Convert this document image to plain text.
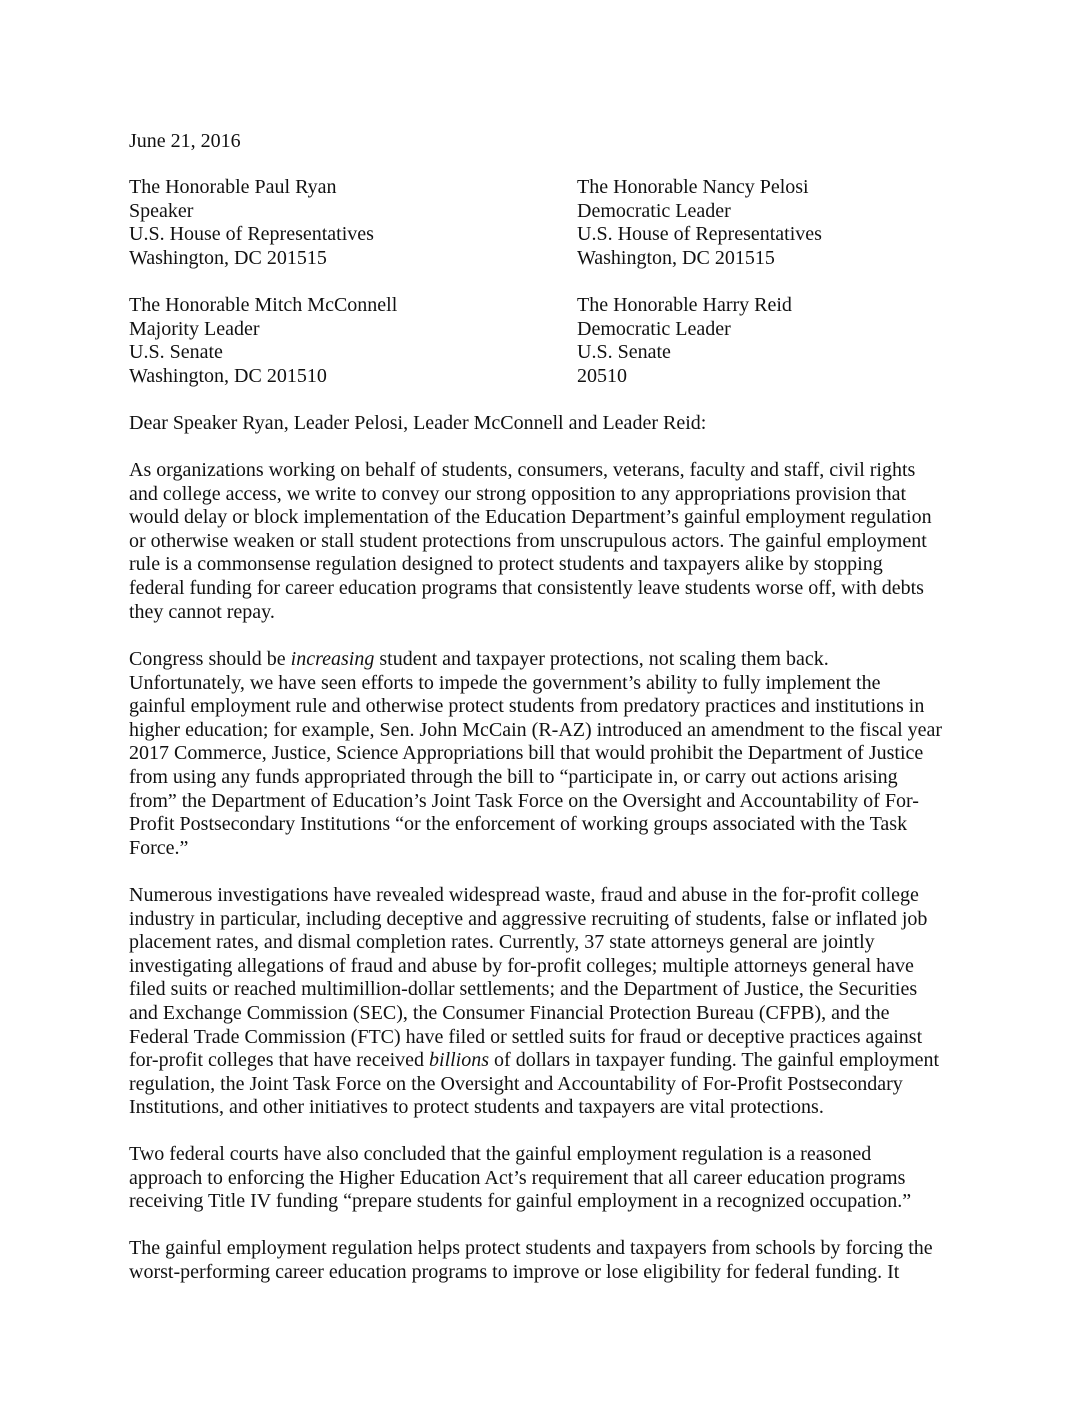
June 21, 2016
The Honorable Paul Ryan
Speaker
U.S. House of Representatives
Washington, DC 201515
The Honorable Nancy Pelosi
Democratic Leader
U.S. House of Representatives
Washington, DC 201515
The Honorable Mitch McConnell
Majority Leader
U.S. Senate
Washington, DC 201510
The Honorable Harry Reid
Democratic Leader
U.S. Senate
20510
Dear Speaker Ryan, Leader Pelosi, Leader McConnell and Leader Reid:
As organizations working on behalf of students, consumers, veterans, faculty and staff, civil rights
and college access, we write to convey our strong opposition to any appropriations provision that
would delay or block implementation of the Education Department’s gainful employment regulation
or otherwise weaken or stall student protections from unscrupulous actors. The gainful employment
rule is a commonsense regulation designed to protect students and taxpayers alike by stopping
federal funding for career education programs that consistently leave students worse off, with debts
they cannot repay.
Congress should be increasing student and taxpayer protections, not scaling them back.
Unfortunately, we have seen efforts to impede the government’s ability to fully implement the
gainful employment rule and otherwise protect students from predatory practices and institutions in
higher education; for example, Sen. John McCain (R-AZ) introduced an amendment to the fiscal year
2017 Commerce, Justice, Science Appropriations bill that would prohibit the Department of Justice
from using any funds appropriated through the bill to “participate in, or carry out actions arising
from” the Department of Education’s Joint Task Force on the Oversight and Accountability of For-
Profit Postsecondary Institutions “or the enforcement of working groups associated with the Task
Force.”
Numerous investigations have revealed widespread waste, fraud and abuse in the for-profit college
industry in particular, including deceptive and aggressive recruiting of students, false or inflated job
placement rates, and dismal completion rates. Currently, 37 state attorneys general are jointly
investigating allegations of fraud and abuse by for-profit colleges; multiple attorneys general have
filed suits or reached multimillion-dollar settlements; and the Department of Justice, the Securities
and Exchange Commission (SEC), the Consumer Financial Protection Bureau (CFPB), and the
Federal Trade Commission (FTC) have filed or settled suits for fraud or deceptive practices against
for-profit colleges that have received billions of dollars in taxpayer funding. The gainful employment
regulation, the Joint Task Force on the Oversight and Accountability of For-Profit Postsecondary
Institutions, and other initiatives to protect students and taxpayers are vital protections.
Two federal courts have also concluded that the gainful employment regulation is a reasoned
approach to enforcing the Higher Education Act’s requirement that all career education programs
receiving Title IV funding “prepare students for gainful employment in a recognized occupation.”
The gainful employment regulation helps protect students and taxpayers from schools by forcing the
worst-performing career education programs to improve or lose eligibility for federal funding. It
